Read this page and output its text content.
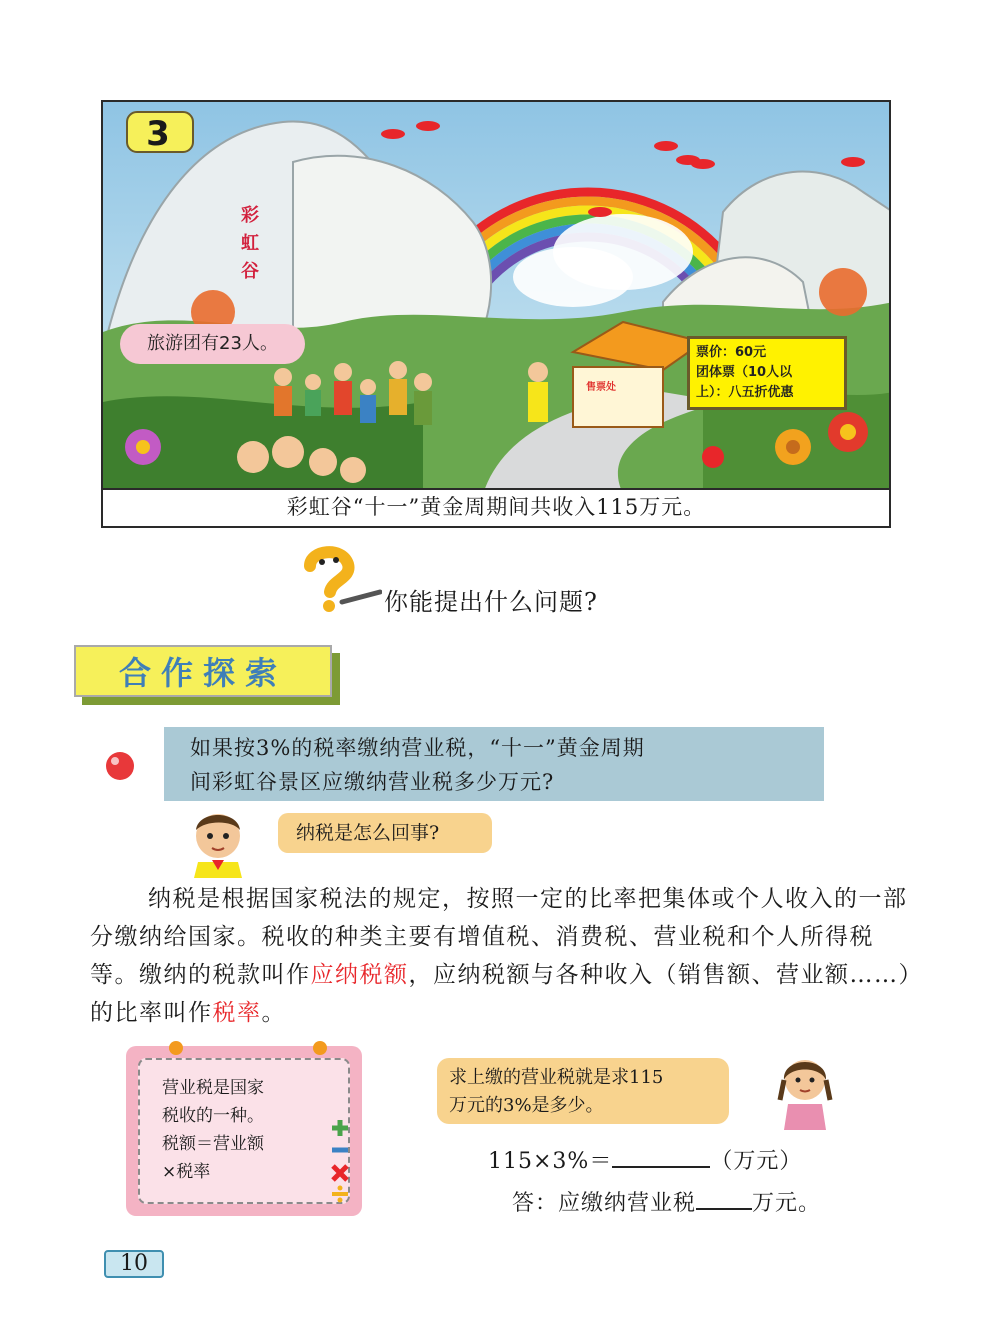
3
彩
虹
谷
旅游团有23人。
售票处
票价：60元
团体票（10人以
上）：八五折优惠
彩虹谷“十一”黄金周期间共收入115万元。
你能提出什么问题?
合作探索
如果按3%的税率缴纳营业税，“十一”黄金周期
间彩虹谷景区应缴纳营业税多少万元?
纳税是怎么回事?

纳税是根据国家税法的规定，按照一定的比率把集体或个人收入的一部分缴纳给国家。税收的种类主要有增值税、消费税、营业税和个人所得税等。缴纳的税款叫作应纳税额，应纳税额与各种收入（销售额、营业额……）的比率叫作税率。

营业税是国家
税收的一种。
税额＝营业额
×税率
求上缴的营业税就是求115
万元的3%是多少。
115×3%＝	（万元）
答：应缴纳营业税	万元。
10
